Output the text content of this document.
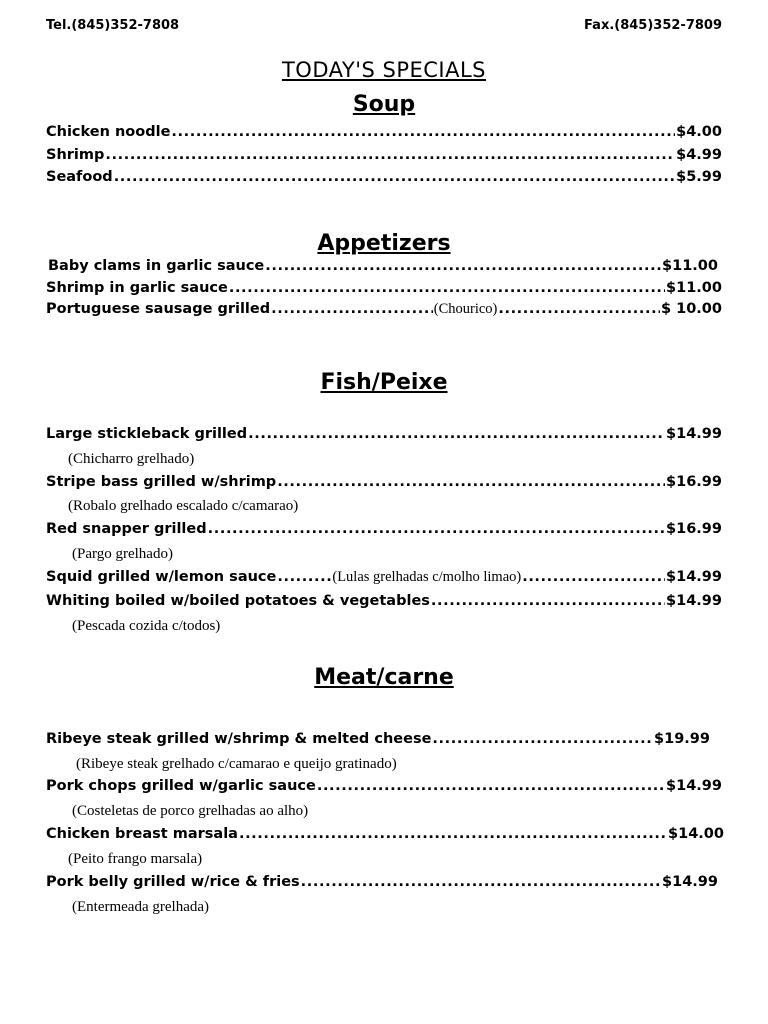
Tel.(845)352-7808	Fax.(845)352-7809
TODAY'S SPECIALS
Soup
Chicken noodle .....	$4.00
Shrimp .....	$4.99
Seafood .....	$5.99
Appetizers
Baby clams in garlic sauce .....	$11.00
Shrimp in garlic sauce .....	$11.00
Portuguese sausage grilled .....	(Chourico) .....	$ 10.00
Fish/Peixe
Large stickleback grilled .....	$14.99
(Chicharro grelhado)
Stripe bass grilled w/shrimp .....	$16.99
(Robalo grelhado escalado c/camarao)
Red snapper grilled .....	$16.99
(Pargo grelhado)
Squid grilled w/lemon sauce .....	(Lulas grelhadas c/molho limao) .....	$14.99
Whiting boiled w/boiled potatoes & vegetables .....	$14.99
(Pescada cozida c/todos)
Meat/carne
Ribeye steak grilled w/shrimp & melted cheese .....	$19.99
(Ribeye steak grelhado c/camarao e queijo gratinado)
Pork chops grilled w/garlic sauce .....	$14.99
(Costeletas de porco grelhadas ao alho)
Chicken breast marsala .....	$14.00
(Peito frango marsala)
Pork belly grilled w/rice & fries .....	$14.99
(Entermeada grelhada)
